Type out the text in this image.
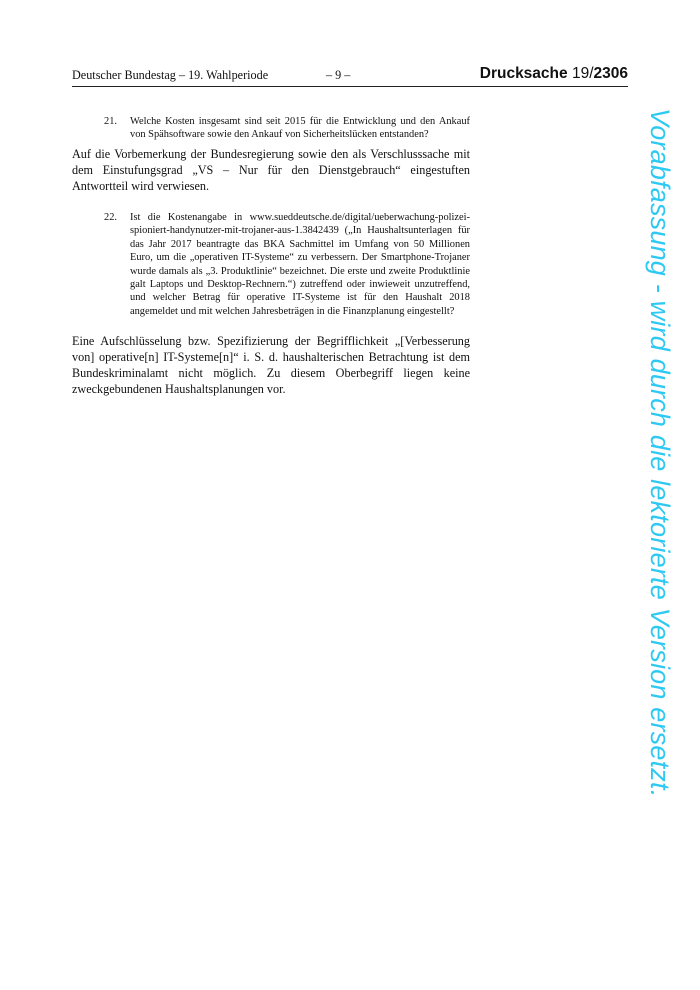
Deutscher Bundestag – 19. Wahlperiode	– 9 –	Drucksache 19/2306
21. Welche Kosten insgesamt sind seit 2015 für die Entwicklung und den Ankauf von Spähsoftware sowie den Ankauf von Sicherheitslücken entstanden?
Auf die Vorbemerkung der Bundesregierung sowie den als Verschlusssache mit dem Einstufungsgrad „VS – Nur für den Dienstgebrauch“ eingestuften Antwortteil wird verwiesen.
22. Ist die Kostenangabe in www.sueddeutsche.de/digital/ueberwachung-polizei-spioniert-handynutzer-mit-trojaner-aus-1.3842439 („In Haushaltsunterlagen für das Jahr 2017 beantragte das BKA Sachmittel im Umfang von 50 Millionen Euro, um die „operativen IT-Systeme“ zu verbessern. Der Smartphone-Trojaner wurde damals als „3. Produktlinie“ bezeichnet. Die erste und zweite Produktlinie galt Laptops und Desktop-Rechnern.“) zutreffend oder inwieweit unzutreffend, und welcher Betrag für operative IT-Systeme ist für den Haushalt 2018 angemeldet und mit welchen Jahresbeträgen in die Finanzplanung eingestellt?
Eine Aufschlüsselung bzw. Spezifizierung der Begrifflichkeit „[Verbesserung von] operative[n] IT-Systeme[n]“ i. S. d. haushalterischen Betrachtung ist dem Bundeskriminalamt nicht möglich. Zu diesem Oberbegriff liegen keine zweckgebundenen Haushaltsplanungen vor.	Vorabfassung - wird durch die lektorierte Version ersetzt.
